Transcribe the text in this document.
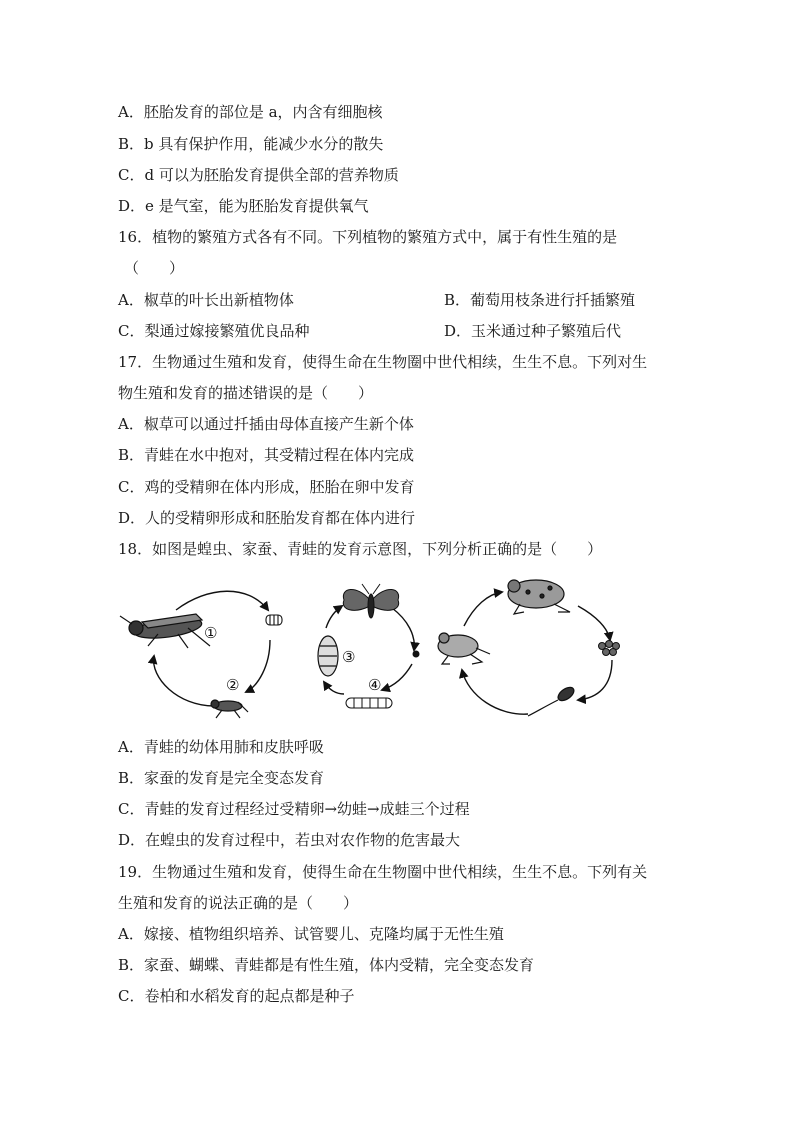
A．胚胎发育的部位是 a，内含有细胞核
B．b 具有保护作用，能减少水分的散失
C．d 可以为胚胎发育提供全部的营养物质
D．e 是气室，能为胚胎发育提供氧气
16．植物的繁殖方式各有不同。下列植物的繁殖方式中，属于有性生殖的是
（　　）
A．椒草的叶长出新植物体	B．葡萄用枝条进行扦插繁殖
C．梨通过嫁接繁殖优良品种	D．玉米通过种子繁殖后代
17．生物通过生殖和发育，使得生命在生物圈中世代相续，生生不息。下列对生
物生殖和发育的描述错误的是（　　）
A．椒草可以通过扦插由母体直接产生新个体
B．青蛙在水中抱对，其受精过程在体内完成
C．鸡的受精卵在体内形成，胚胎在卵中发育
D．人的受精卵形成和胚胎发育都在体内进行
18．如图是蝗虫、家蚕、青蛙的发育示意图，下列分析正确的是（　　）
①
②
③
④
A．青蛙的幼体用肺和皮肤呼吸
B．家蚕的发育是完全变态发育
C．青蛙的发育过程经过受精卵→幼蛙→成蛙三个过程
D．在蝗虫的发育过程中，若虫对农作物的危害最大
19．生物通过生殖和发育，使得生命在生物圈中世代相续，生生不息。下列有关
生殖和发育的说法正确的是（　　）
A．嫁接、植物组织培养、试管婴儿、克隆均属于无性生殖
B．家蚕、蝴蝶、青蛙都是有性生殖，体内受精，完全变态发育
C．卷柏和水稻发育的起点都是种子
